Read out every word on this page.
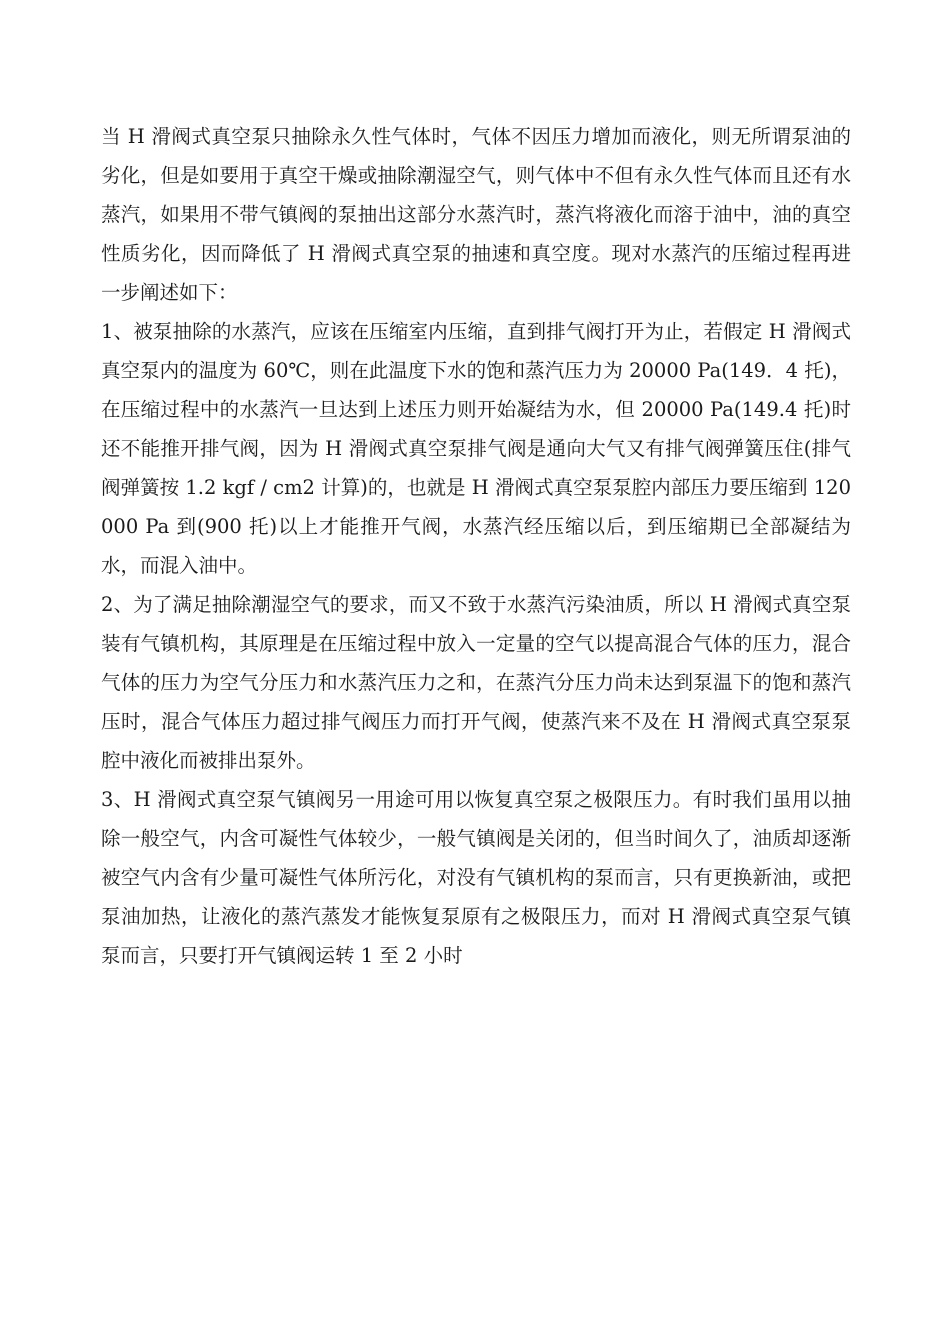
当 H 滑阀式真空泵只抽除永久性气体时，气体不因压力增加而液化，则无所谓泵油的劣化，但是如要用于真空干燥或抽除潮湿空气，则气体中不但有永久性气体而且还有水蒸汽，如果用不带气镇阀的泵抽出这部分水蒸汽时，蒸汽将液化而溶于油中，油的真空性质劣化，因而降低了 H 滑阀式真空泵的抽速和真空度。现对水蒸汽的压缩过程再进一步阐述如下：

1、被泵抽除的水蒸汽，应该在压缩室内压缩，直到排气阀打开为止，若假定 H 滑阀式真空泵内的温度为 60℃，则在此温度下水的饱和蒸汽压力为 20000 Pa(149．4 托)，在压缩过程中的水蒸汽一旦达到上述压力则开始凝结为水，但 20000 Pa(149.4 托)时还不能推开排气阀，因为 H 滑阀式真空泵排气阀是通向大气又有排气阀弹簧压住(排气阀弹簧按 1.2 kgf / cm2 计算)的，也就是 H 滑阀式真空泵泵腔内部压力要压缩到 120000 Pa 到(900 托)以上才能推开气阀，水蒸汽经压缩以后，到压缩期已全部凝结为水，而混入油中。

2、为了满足抽除潮湿空气的要求，而又不致于水蒸汽污染油质，所以 H 滑阀式真空泵装有气镇机构，其原理是在压缩过程中放入一定量的空气以提高混合气体的压力，混合气体的压力为空气分压力和水蒸汽压力之和，在蒸汽分压力尚未达到泵温下的饱和蒸汽压时，混合气体压力超过排气阀压力而打开气阀，使蒸汽来不及在 H 滑阀式真空泵泵腔中液化而被排出泵外。

3、H 滑阀式真空泵气镇阀另一用途可用以恢复真空泵之极限压力。有时我们虽用以抽除一般空气，内含可凝性气体较少，一般气镇阀是关闭的，但当时间久了，油质却逐渐被空气内含有少量可凝性气体所污化，对没有气镇机构的泵而言，只有更换新油，或把泵油加热，让液化的蒸汽蒸发才能恢复泵原有之极限压力，而对 H 滑阀式真空泵气镇泵而言，只要打开气镇阀运转 1 至 2 小时
